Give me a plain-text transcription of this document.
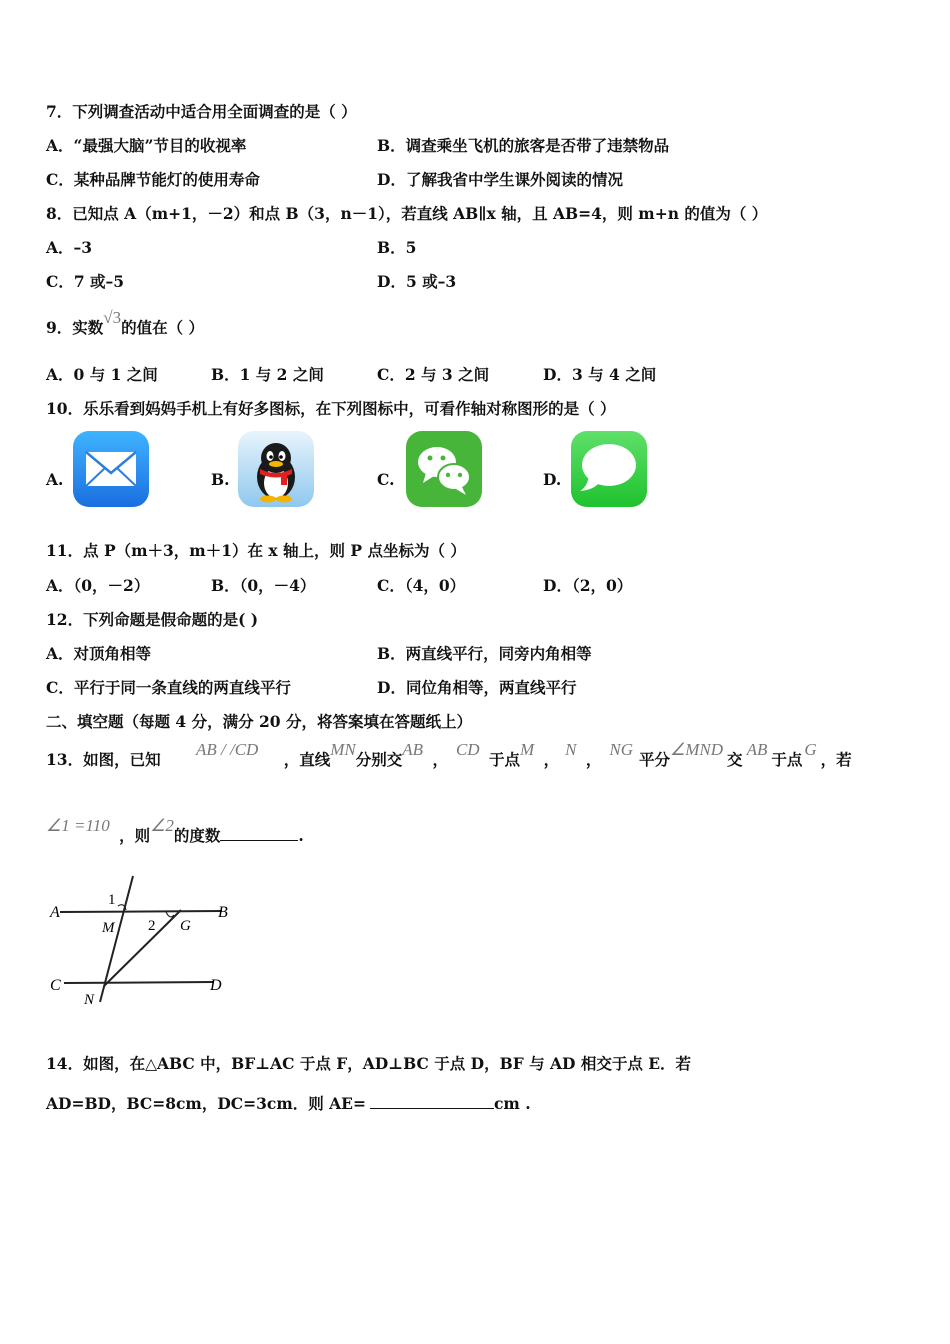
7．下列调查活动中适合用全面调查的是（ ）
A．“最强大脑”节目的收视率	B．调查乘坐飞机的旅客是否带了违禁物品
C．某种品牌节能灯的使用寿命	D．了解我省中学生课外阅读的情况
8．已知点 A（m+1，－2）和点 B（3，n－1），若直线 AB∥x 轴，且 AB=4，则 m+n 的值为（ ）
A．–3	B．5
C．7 或–5	D．5 或–3
9．实数√3的值在（ ）
A．0 与 1 之间	B．1 与 2 之间	C．2 与 3 之间	D．3 与 4 之间
10．乐乐看到妈妈手机上有好多图标，在下列图标中，可看作轴对称图形的是（ ）
A.	B.	C.	D.
11．点 P（m＋3，m＋1）在 x 轴上，则 P 点坐标为（ ）
A．（0，－2）	B．（0，－4）	C．（4，0）	D．（2，0）
12．下列命题是假命题的是( )
A．对顶角相等	B．两直线平行，同旁内角相等
C．平行于同一条直线的两直线平行	D．同位角相等，两直线平行
二、填空题（每题 4 分，满分 20 分，将答案填在答题纸上）
13．如图，已知 AB / /CD ，直线MN分别交AB ，CD 于点M ，N ，NG平分∠MND交AB于点G，若
∠1 =110 ，则∠2的度数	.
A	B
C	D
M
N
G
1
2
14．如图，在△ABC 中，BF⊥AC 于点 F，AD⊥BC 于点 D，BF 与 AD 相交于点 E．若
AD=BD，BC=8cm，DC=3cm．则 AE=	cm .
